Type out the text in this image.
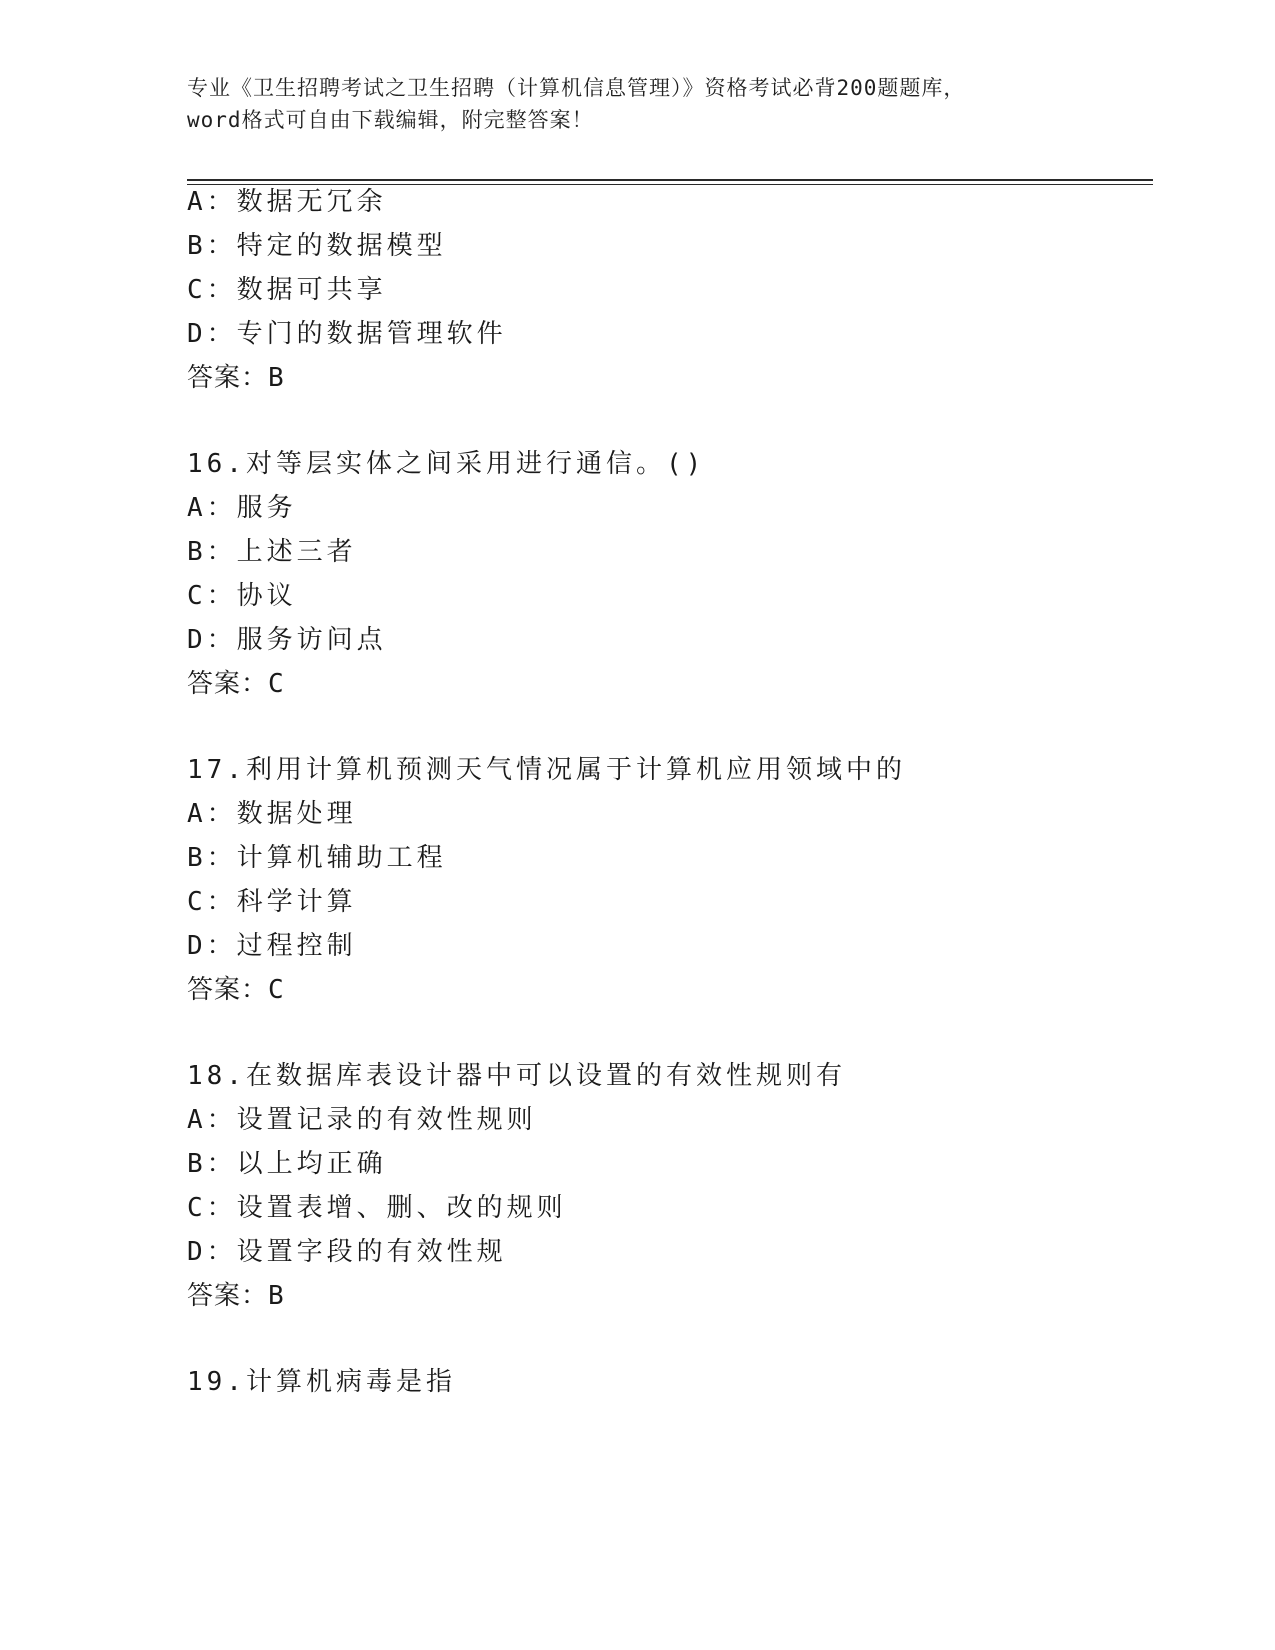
专业《卫生招聘考试之卫生招聘（计算机信息管理）》资格考试必背200题题库，
word格式可自由下载编辑，附完整答案！
A：数据无冗余
B：特定的数据模型
C：数据可共享
D：专门的数据管理软件
答案：B
16.对等层实体之间采用进行通信。()
A：服务
B：上述三者
C：协议
D：服务访问点
答案：C
17.利用计算机预测天气情况属于计算机应用领域中的
A：数据处理
B：计算机辅助工程
C：科学计算
D：过程控制
答案：C
18.在数据库表设计器中可以设置的有效性规则有
A：设置记录的有效性规则
B：以上均正确
C：设置表增、删、改的规则
D：设置字段的有效性规
答案：B
19.计算机病毒是指
